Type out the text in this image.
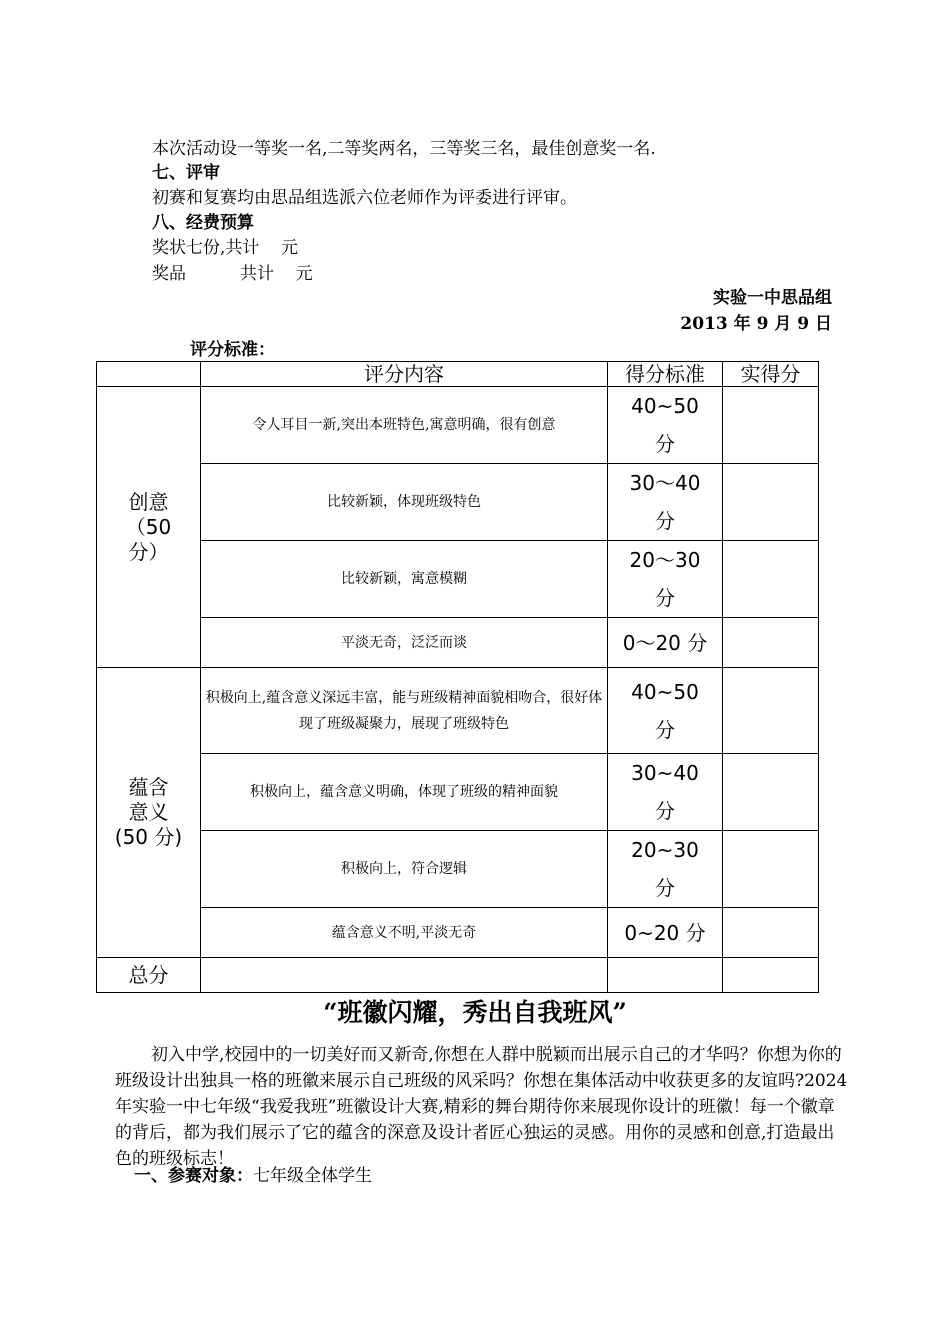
本次活动设一等奖一名,二等奖两名，三等奖三名，最佳创意奖一名.
七、评审
初赛和复赛均由思品组选派六位老师作为评委进行评审。
八、经费预算
奖状七份,共计    元
奖品          共计    元
实验一中思品组
2013 年 9 月 9 日
评分标准：
	评分内容	得分标准	实得分
创意
（50
分）	令人耳目一新,突出本班特色,寓意明确，很有创意	40~50
分	
	比较新颖，体现班级特色	30～40
分	
	比较新颖，寓意模糊	20～30
分	
	平淡无奇，泛泛而谈	0～20 分	
蕴含
意义
(50 分)	积极向上,蕴含意义深远丰富，能与班级精神面貌相吻合，很好体现了班级凝聚力，展现了班级特色	40~50
分	
	积极向上，蕴含意义明确，体现了班级的精神面貌	30~40
分	
	积极向上，符合逻辑	20~30
分	
	蕴含意义不明,平淡无奇	0~20 分	
总分			
“班徽闪耀，秀出自我班风”
初入中学,校园中的一切美好而又新奇,你想在人群中脱颖而出展示自己的才华吗？你想为你的班级设计出独具一格的班徽来展示自己班级的风采吗？你想在集体活动中收获更多的友谊吗?2024 年实验一中七年级“我爱我班”班徽设计大赛,精彩的舞台期待你来展现你设计的班徽！每一个徽章的背后，都为我们展示了它的蕴含的深意及设计者匠心独运的灵感。用你的灵感和创意,打造最出色的班级标志！
一、参赛对象：七年级全体学生
